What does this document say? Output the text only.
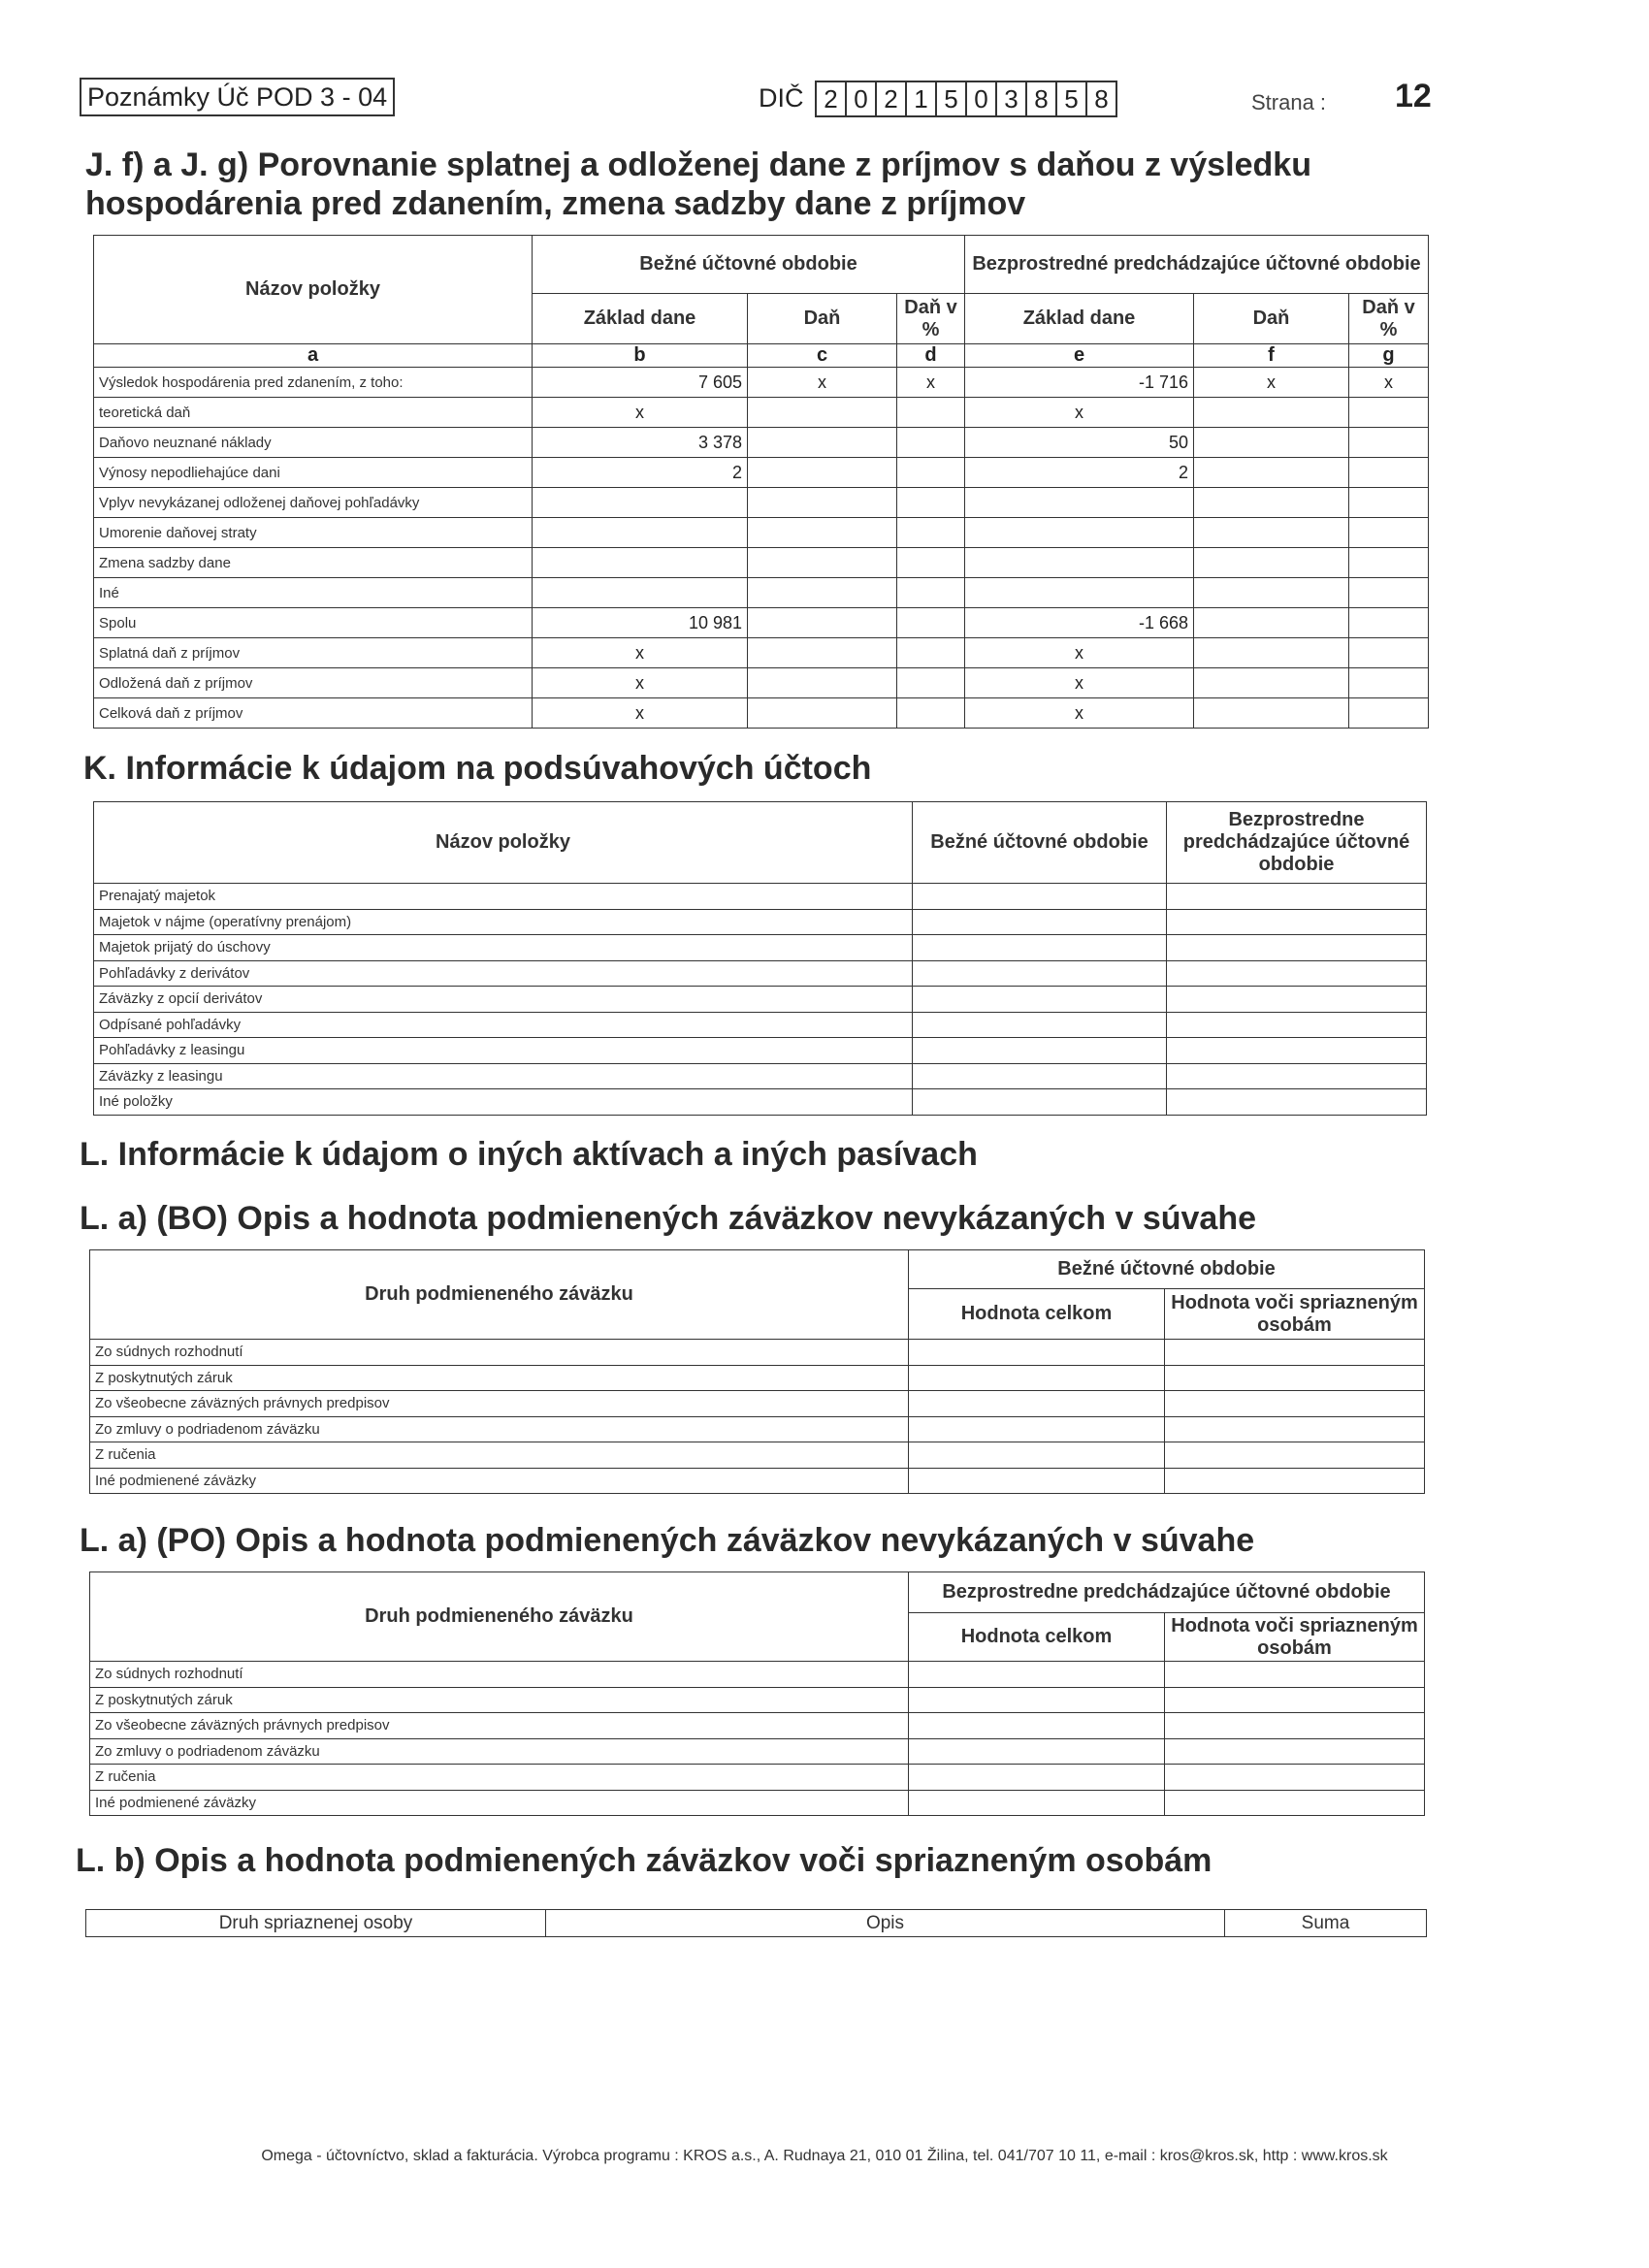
Poznámky Úč POD 3 - 04	DIČ 2 0 2 1 5 0 3 8 5 8	Strana : 12
J. f) a J. g) Porovnanie splatnej a odloženej dane z príjmov s daňou z výsledku
hospodárenia pred zdanením, zmena sadzby dane z príjmov
Názov položky	Bežné účtovné obdobie			Bezprostredné predchádzajúce účtovné obdobie		
	Základ dane	Daň	Daň v %	Základ dane	Daň	Daň v %
a	b	c	d	e	f	g
Výsledok hospodárenia pred zdanením, z toho:	7 605	x	x	-1 716	x	x
teoretická daň	x			x		
Daňovo neuznané náklady	3 378			50		
Výnosy nepodliehajúce dani	2			2		
Vplyv nevykázanej odloženej daňovej pohľadávky						
Umorenie daňovej straty						
Zmena sadzby dane						
Iné						
Spolu	10 981			-1 668		
Splatná daň z príjmov	x			x		
Odložená daň z príjmov	x			x		
Celková daň z príjmov	x			x		
K. Informácie k údajom na podsúvahových účtoch
Názov položky	Bežné účtovné obdobie	Bezprostredne predchádzajúce účtovné obdobie
Prenajatý majetok		
Majetok v nájme (operatívny prenájom)		
Majetok prijatý do úschovy		
Pohľadávky z derivátov		
Záväzky z opcií derivátov		
Odpísané pohľadávky		
Pohľadávky z leasingu		
Záväzky z leasingu		
Iné položky		
L. Informácie k údajom o iných aktívach a iných pasívach
L. a) (BO) Opis a hodnota podmienených záväzkov nevykázaných v súvahe
Druh podmieneného záväzku	Bežné účtovné obdobie	
	Hodnota celkom	Hodnota voči spriazneným osobám
Zo súdnych rozhodnutí		
Z poskytnutých záruk		
Zo všeobecne záväzných právnych predpisov		
Zo zmluvy o podriadenom záväzku		
Z ručenia		
Iné podmienené záväzky		
L. a) (PO) Opis a hodnota podmienených záväzkov nevykázaných v súvahe
Druh podmieneného záväzku	Bezprostredne predchádzajúce účtovné obdobie	
	Hodnota celkom	Hodnota voči spriazneným osobám
Zo súdnych rozhodnutí		
Z poskytnutých záruk		
Zo všeobecne záväzných právnych predpisov		
Zo zmluvy o podriadenom záväzku		
Z ručenia		
Iné podmienené záväzky		
L. b) Opis a hodnota podmienených záväzkov voči spriazneným osobám
Druh spriaznenej osoby	Opis	Suma
Omega - účtovníctvo, sklad a fakturácia. Výrobca programu : KROS a.s., A. Rudnaya 21, 010 01 Žilina, tel. 041/707 10 11, e-mail : kros@kros.sk, http : www.kros.sk
